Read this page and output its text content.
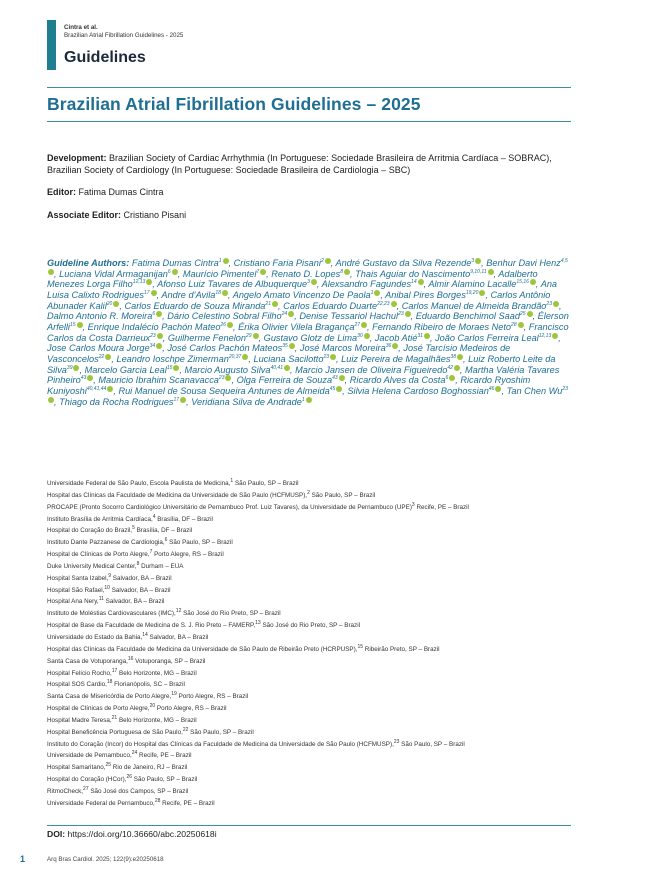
Cintra et al.
Brazilian Atrial Fibrillation Guidelines - 2025
Guidelines
Brazilian Atrial Fibrillation Guidelines – 2025
Development: Brazilian Society of Cardiac Arrhythmia (In Portuguese: Sociedade Brasileira de Arritmia Cardíaca – SOBRAC), Brazilian Society of Cardiology (In Portuguese: Sociedade Brasileira de Cardiologia – SBC)
Editor: Fatima Dumas Cintra
Associate Editor: Cristiano Pisani
Guideline Authors: Fatima Dumas Cintra$^1$ , Cristiano Faria Pisani$^2$ , André Gustavo da Silva Rezende$^3$ , Benhur Davi Henz$^{4,5}$, Luciana Vidal Armaganijan$^6$ , Maurício Pimentel$^7$ , Renato D. Lopes$^8$ , Thais Aguiar do Nascimento$^{9,10,11}$ , Adalberto Menezes Lorga Filho$^{12,13}$ , Afonso Luiz Tavares de Albuquerque$^3$ , Alexsandro Fagundes$^{14}$ , Almir Alamino Lacalle$^{15,16}$ , Ana Luisa Calixto Rodrigues$^{17}$ , Andre d’Avila$^{18}$ , Angelo Amato Vincenzo De Paola$^1$ , Anibal Pires Borges$^{19,20}$ , Carlos Antônio Abunader Kalil$^{20}$ , Carlos Eduardo de Souza Miranda$^{21}$ , Carlos Eduardo Duarte$^{22,23}$ , Carlos Manuel de Almeida Brandão$^{23}$ , Dalmo Antonio R. Moreira$^6$ , Dário Celestino Sobral Filho$^{24}$ , Denise Tessariol Hachul$^{23}$ , Eduardo Benchimol Saad$^{25}$ , Élerson Arfelli$^{15}$ , Enrique Indalécio Pachón Mateo$^{26}$ , Érika Olivier Vilela Bragança$^{27}$ , Fernando Ribeiro de Moraes Neto$^{28}$ , Francisco Carlos da Costa Darrieux$^{23}$ , Guilherme Fenelon$^{29}$ , Gustavo Glotz de Lima$^{30}$ , Jacob Atié$^{31}$ , João Carlos Ferreira Leal$^{12,13}$ , Jose Carlos Moura Jorge$^{34}$ , José Carlos Pachón Mateos$^{35}$ , José Marcos Moreira$^{36}$ , José Tarcísio Medeiros de Vasconcelos$^{22}$ , Leandro Ioschpe Zimerman$^{20,37}$ , Luciana Sacilotto$^{23}$ , Luiz Pereira de Magalhães$^{38}$ , Luiz Roberto Leite da Silva$^{39}$ , Marcelo Garcia Leal$^{15}$ , Marcio Augusto Silva$^{40,41}$ , Marcio Jansen de Oliveira Figueiredo$^{42}$ , Martha Valéria Tavares Pinheiro$^{43}$ , Mauricio Ibrahim Scanavacca$^{23}$ , Olga Ferreira de Souza$^{43}$ , Ricardo Alves da Costa$^6$ , Ricardo Ryoshim Kuniyoshi$^{40,41,44}$ , Rui Manuel de Sousa Sequeira Antunes de Almeida$^{45}$ , Silvia Helena Cardoso Boghossian$^{46}$ , Tan Chen Wu$^{23}$, Thiago da Rocha Rodrigues$^{17}$ , Veridiana Silva de Andrade$^1$
Universidade Federal de São Paulo, Escola Paulista de Medicina,$^1$ São Paulo, SP – Brazil
Hospital das Clínicas da Faculdade de Medicina da Universidade de São Paulo (HCFMUSP),$^2$ São Paulo, SP – Brazil
PROCAPE (Pronto Socorro Cardiológico Universitário de Pernambuco Prof. Luiz Tavares), da Universidade de Pernambuco (UPE)$^3$ Recife, PE – Brazil
Instituto Brasília de Arritmia Cardíaca,$^4$ Brasília, DF – Brazil
Hospital do Coração do Brazil,$^5$ Brasília, DF – Brazil
Instituto Dante Pazzanese de Cardiologia,$^6$ São Paulo, SP – Brazil
Hospital de Clínicas de Porto Alegre,$^7$ Porto Alegre, RS – Brazil
Duke University Medical Center,$^8$ Durham – EUA
Hospital Santa Izabel,$^9$ Salvador, BA – Brazil
Hospital São Rafael,$^{10}$ Salvador, BA – Brazil
Hospital Ana Nery,$^{11}$ Salvador, BA – Brazil
Instituto de Moléstias Cardiovasculares (IMC),$^{12}$ São José do Rio Preto, SP – Brazil
Hospital de Base da Faculdade de Medicina de S. J. Rio Preto – FAMERP,$^{13}$ São José do Rio Preto, SP – Brazil
Universidade do Estado da Bahia,$^{14}$ Salvador, BA – Brazil
Hospital das Clínicas da Faculdade de Medicina da Universidade de São Paulo de Ribeirão Preto (HCRPUSP),$^{15}$ Ribeirão Preto, SP – Brazil
Santa Casa de Votuporanga,$^{16}$ Votuporanga, SP – Brazil
Hospital Felício Rocho,$^{17}$ Belo Horizonte, MG – Brazil
Hospital SOS Cardio,$^{18}$ Florianópolis, SC – Brazil
Santa Casa de Misericórdia de Porto Alegre,$^{19}$ Porto Alegre, RS – Brazil
Hospital de Clínicas de Porto Alegre,$^{20}$ Porto Alegre, RS – Brazil
Hospital Madre Teresa,$^{21}$ Belo Horizonte, MG – Brazil
Hospital Beneficência Portuguesa de São Paulo,$^{22}$ São Paulo, SP – Brazil
Instituto do Coração (Incor) do Hospital das Clínicas da Faculdade de Medicina da Universidade de São Paulo (HCFMUSP),$^{23}$ São Paulo, SP – Brazil
Universidade de Pernambuco,$^{24}$ Recife, PE – Brazil
Hospital Samaritano,$^{25}$ Rio de Janeiro, RJ – Brazil
Hospital do Coração (HCor),$^{26}$ São Paulo, SP – Brazil
RitmoCheck,$^{27}$ São José dos Campos, SP – Brazil
Universidade Federal de Pernambuco,$^{28}$ Recife, PE – Brazil
DOI: https://doi.org/10.36660/abc.20250618i
1	Arq Bras Cardiol. 2025; 122(9):e20250618
